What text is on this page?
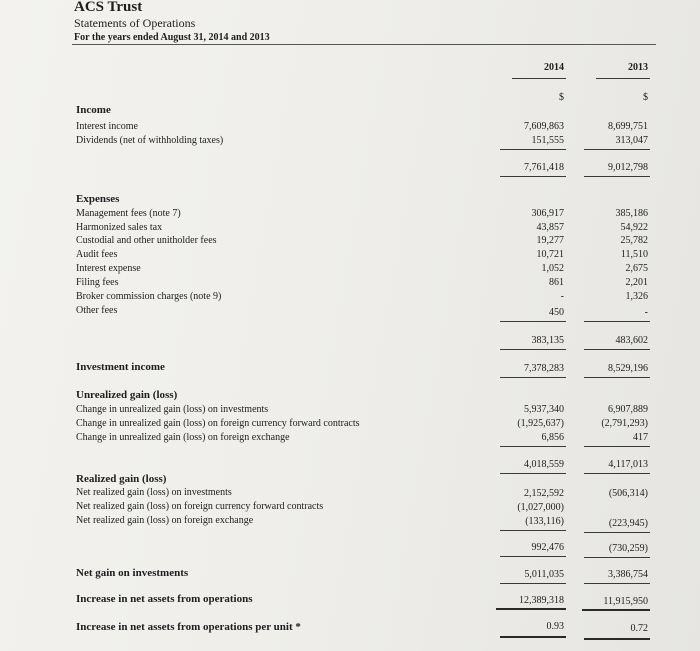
ACS Trust
Statements of Operations
For the years ended August 31, 2014 and 2013
2014	2013
$	$
Income
Interest income	7,609,863	8,699,751
Dividends (net of withholding taxes)	151,555	313,047
7,761,418	9,012,798
Expenses
Management fees (note 7)	306,917	385,186
Harmonized sales tax	43,857	54,922
Custodial and other unitholder fees	19,277	25,782
Audit fees	10,721	11,510
Interest expense	1,052	2,675
Filing fees	861	2,201
Broker commission charges (note 9)	-	1,326
Other fees	450	-
383,135	483,602
Investment income	7,378,283	8,529,196
Unrealized gain (loss)
Change in unrealized gain (loss) on investments	5,937,340	6,907,889
Change in unrealized gain (loss) on foreign currency forward contracts	(1,925,637)	(2,791,293)
Change in unrealized gain (loss) on foreign exchange	6,856	417
4,018,559	4,117,013
Realized gain (loss)
Net realized gain (loss) on investments	2,152,592	(506,314)
Net realized gain (loss) on foreign currency forward contracts	(1,027,000)
Net realized gain (loss) on foreign exchange	(133,116)	(223,945)
992,476	(730,259)
Net gain on investments	5,011,035	3,386,754
Increase in net assets from operations	12,389,318	11,915,950
Increase in net assets from operations per unit *	0.93	0.72
